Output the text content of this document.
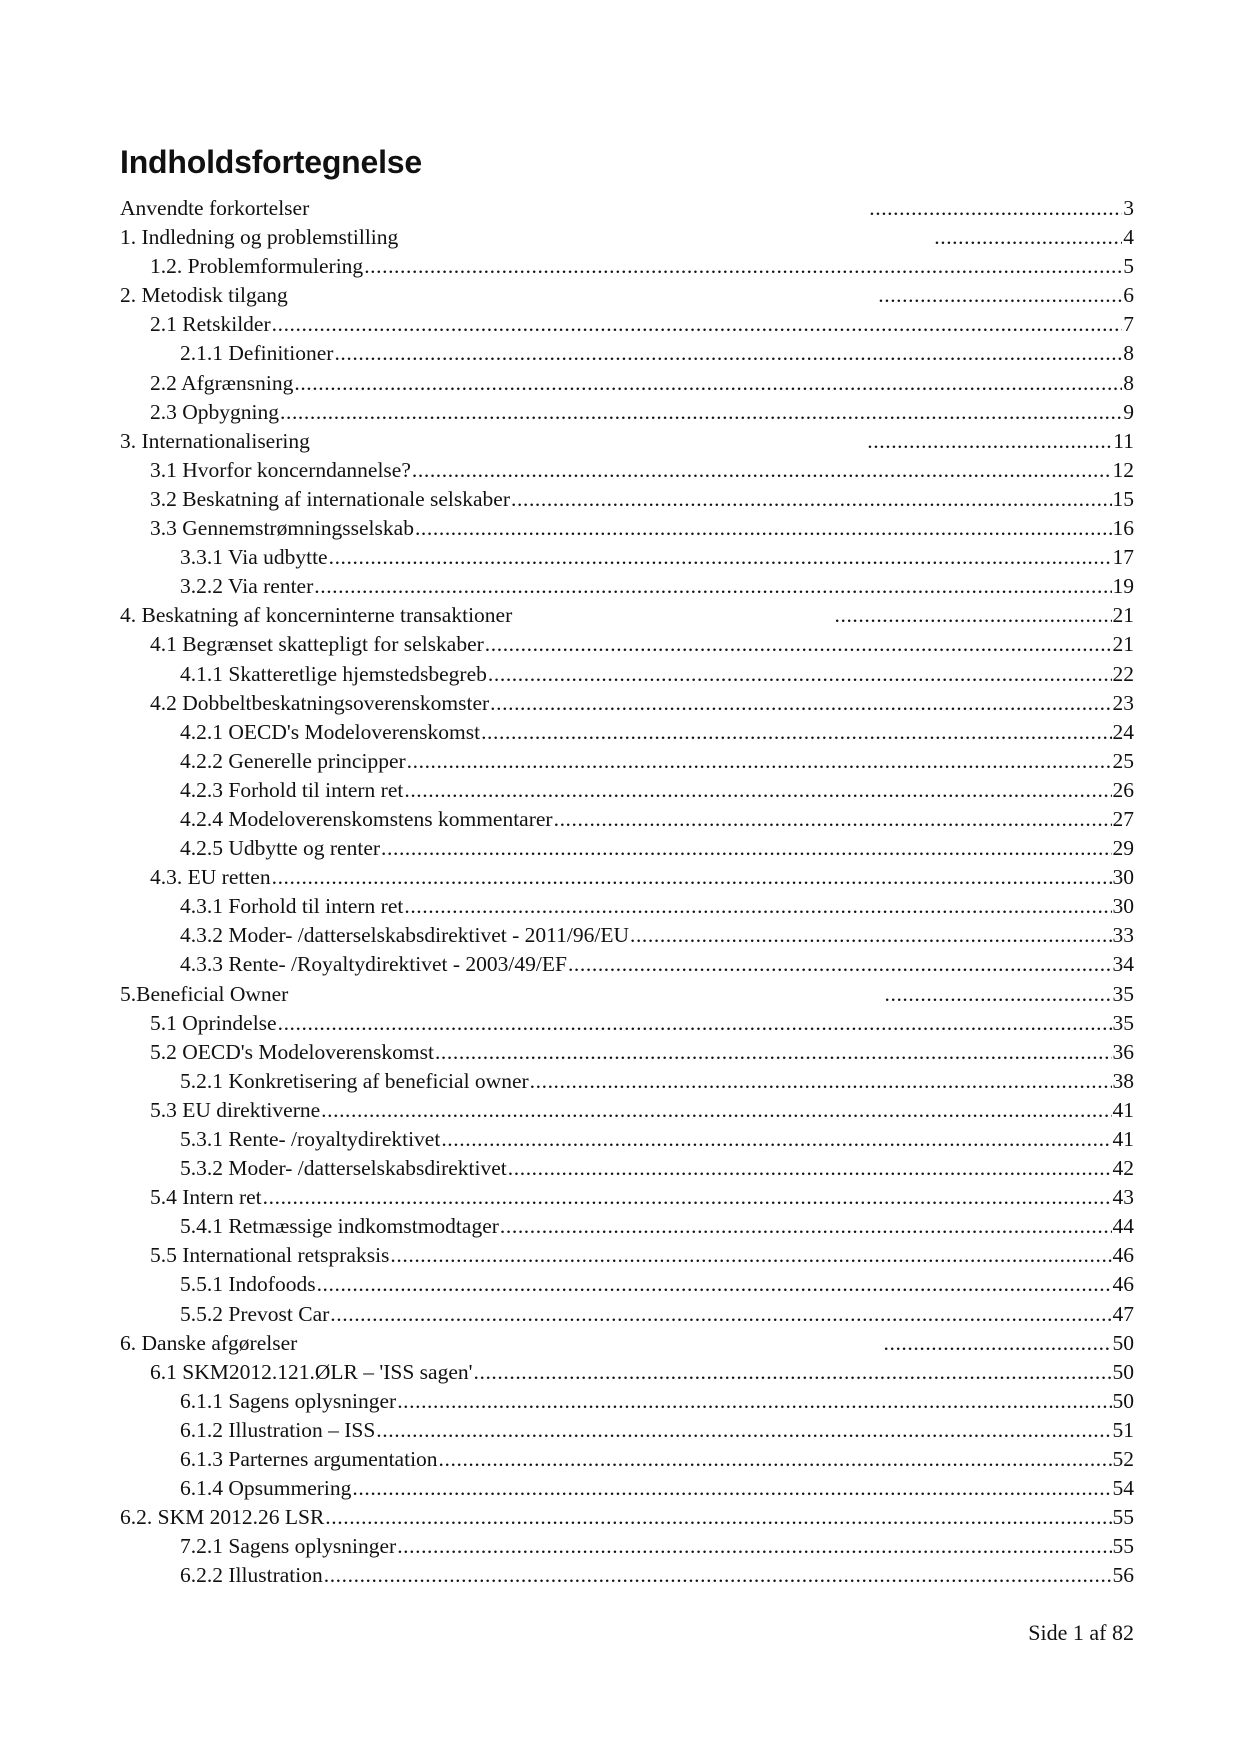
Indholdsfortegnelse
Anvendte forkortelser .....	3
1. Indledning og problemstilling .....	4
1.2. Problemformulering .....	5
2. Metodisk tilgang .....	6
2.1 Retskilder .....	7
2.1.1 Definitioner .....	8
2.2 Afgrænsning .....	8
2.3 Opbygning .....	9
3. Internationalisering .....	11
3.1 Hvorfor koncerndannelse? .....	12
3.2 Beskatning af internationale selskaber .....	15
3.3 Gennemstrømningsselskab .....	16
3.3.1 Via udbytte .....	17
3.2.2 Via renter .....	19
4. Beskatning af koncerninterne transaktioner .....	21
4.1 Begrænset skattepligt for selskaber .....	21
4.1.1 Skatteretlige hjemstedsbegreb .....	22
4.2 Dobbeltbeskatningsoverenskomster .....	23
4.2.1 OECD's Modeloverenskomst .....	24
4.2.2 Generelle principper .....	25
4.2.3 Forhold til intern ret .....	26
4.2.4 Modeloverenskomstens kommentarer .....	27
4.2.5 Udbytte og renter .....	29
4.3. EU retten .....	30
4.3.1 Forhold til intern ret .....	30
4.3.2 Moder- /datterselskabsdirektivet - 2011/96/EU .....	33
4.3.3 Rente- /Royaltydirektivet - 2003/49/EF .....	34
5.Beneficial Owner .....	35
5.1 Oprindelse .....	35
5.2 OECD's Modeloverenskomst .....	36
5.2.1 Konkretisering af beneficial owner .....	38
5.3 EU direktiverne .....	41
5.3.1 Rente- /royaltydirektivet .....	41
5.3.2 Moder- /datterselskabsdirektivet .....	42
5.4 Intern ret .....	43
5.4.1 Retmæssige indkomstmodtager .....	44
5.5 International retspraksis .....	46
5.5.1 Indofoods .....	46
5.5.2 Prevost Car .....	47
6. Danske afgørelser .....	50
6.1 SKM2012.121.ØLR – 'ISS sagen' .....	50
6.1.1 Sagens oplysninger .....	50
6.1.2 Illustration – ISS .....	51
6.1.3 Parternes argumentation .....	52
6.1.4 Opsummering .....	54
6.2. SKM 2012.26 LSR .....	55
7.2.1 Sagens oplysninger .....	55
6.2.2 Illustration .....	56
Side 1 af 82
